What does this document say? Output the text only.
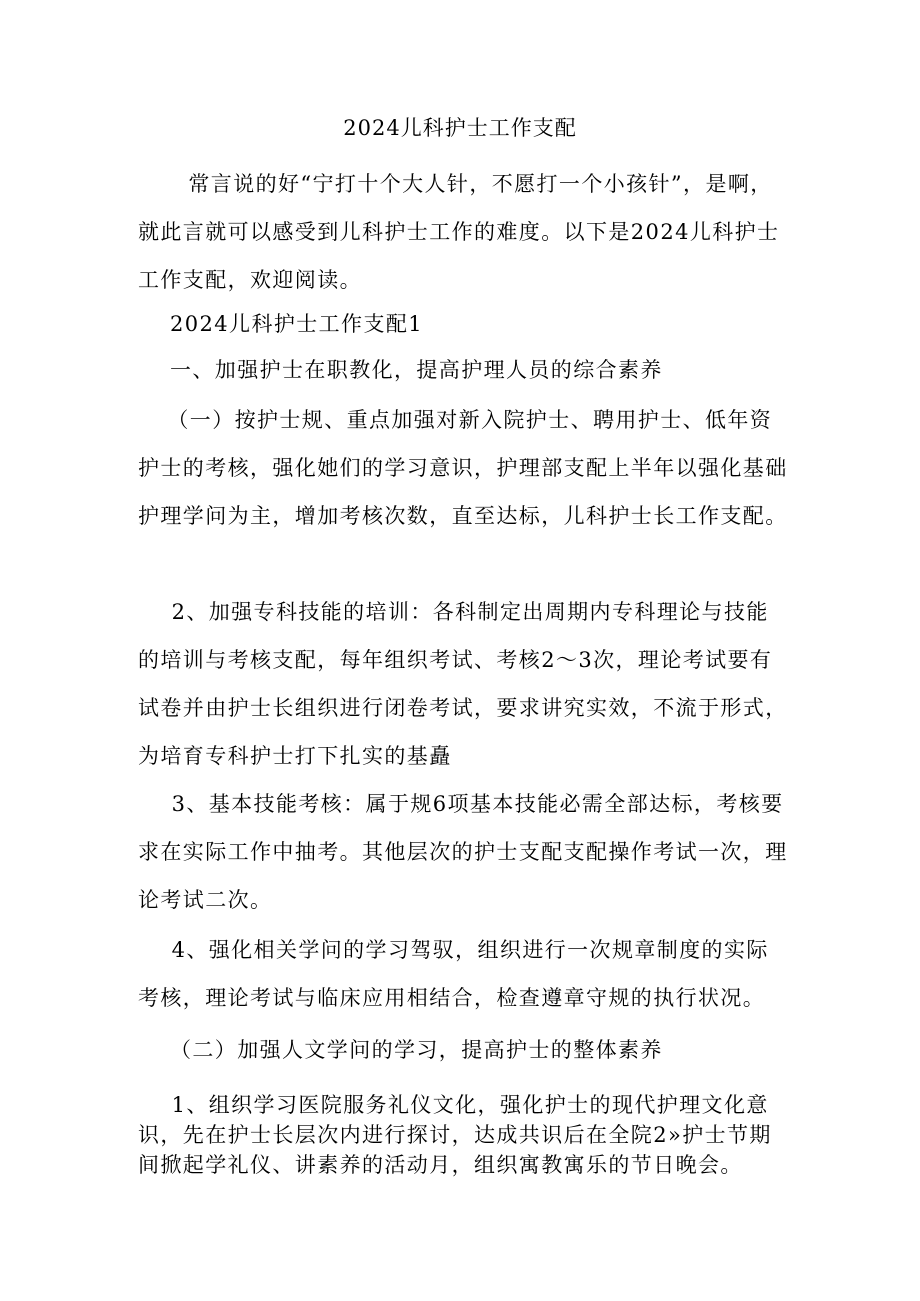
2024儿科护士工作支配

常言说的好“宁打十个大人针，不愿打一个小孩针”，是啊，就此言就可以感受到儿科护士工作的难度。以下是2024儿科护士工作支配，欢迎阅读。

2024儿科护士工作支配1

一、加强护士在职教化，提高护理人员的综合素养

（一）按护士规、重点加强对新入院护士、聘用护士、低年资护士的考核，强化她们的学习意识，护理部支配上半年以强化基础护理学问为主，增加考核次数，直至达标，儿科护士长工作支配。

2、加强专科技能的培训：各科制定出周期内专科理论与技能的培训与考核支配，每年组织考试、考核2～3次，理论考试要有试卷并由护士长组织进行闭卷考试，要求讲究实效，不流于形式，为培育专科护士打下扎实的基矗

3、基本技能考核：属于规6项基本技能必需全部达标，考核要求在实际工作中抽考。其他层次的护士支配支配操作考试一次，理论考试二次。

4、强化相关学问的学习驾驭，组织进行一次规章制度的实际考核，理论考试与临床应用相结合，检查遵章守规的执行状况。

（二）加强人文学问的学习，提高护士的整体素养

1、组织学习医院服务礼仪文化，强化护士的现代护理文化意识，先在护士长层次内进行探讨，达成共识后在全院2»护士节期间掀起学礼仪、讲素养的活动月，组织寓教寓乐的节日晚会。
